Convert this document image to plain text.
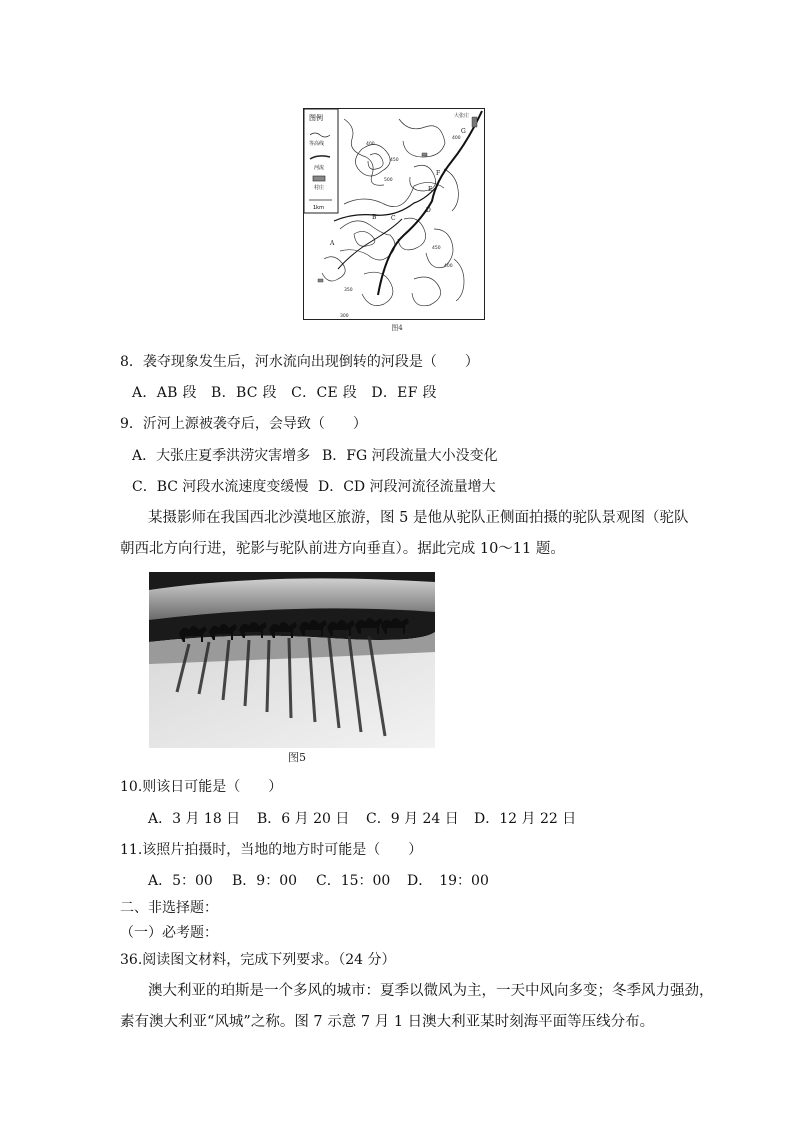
图例
等高线
河流
村庄
1km
大张庄
A
B C
D
E
F
G
400
450
500
400
450
350
300
400
图4
8．袭夺现象发生后，河水流向出现倒转的河段是（　　）
A．AB 段　B．BC 段　C．CE 段　D．EF 段
9．沂河上源被袭夺后，会导致（　　）
A．大张庄夏季洪涝灾害增多 B．FG 河段流量大小没变化
C．BC 河段水流速度变缓慢 D．CD 河段河流径流量增大
某摄影师在我国西北沙漠地区旅游，图 5 是他从驼队正侧面拍摄的驼队景观图（驼队
朝西北方向行进，驼影与驼队前进方向垂直）。据此完成 10～11 题。
图5
10.则该日可能是（　　）
A．3 月 18 日 B．6 月 20 日 C．9 月 24 日 D．12 月 22 日
11.该照片拍摄时，当地的地方时可能是（　　）
A．5：00 B．9：00 C．15：00 D．　19：00
二、非选择题：
（一）必考题：
36.阅读图文材料，完成下列要求。（24 分）
澳大利亚的珀斯是一个多风的城市：夏季以微风为主，一天中风向多变；冬季风力强劲，
素有澳大利亚“风城”之称。图 7 示意 7 月 1 日澳大利亚某时刻海平面等压线分布。
